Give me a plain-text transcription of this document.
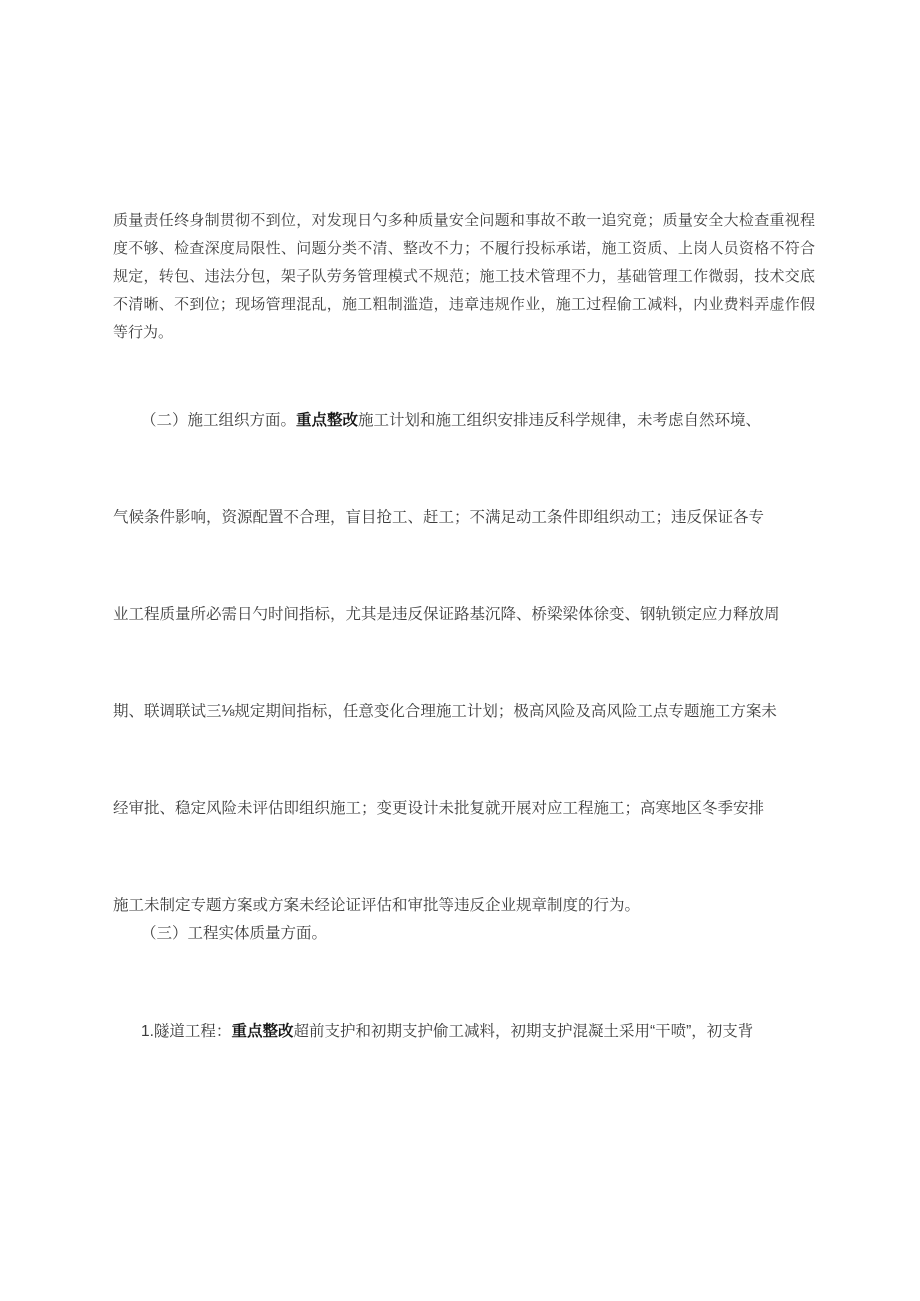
质量责任终身制贯彻不到位，对发现日勺多种质量安全问题和事故不敢一追究竟；质量安全大检查重视程
度不够、检查深度局限性、问题分类不清、整改不力；不履行投标承诺，施工资质、上岗人员资格不符合
规定，转包、违法分包，架子队劳务管理模式不规范；施工技术管理不力，基础管理工作微弱，技术交底
不清晰、不到位；现场管理混乱，施工粗制滥造，违章违规作业，施工过程偷工减料，内业费料弄虚作假
等行为。
（二）施工组织方面。重点整改施工计划和施工组织安排违反科学规律，未考虑自然环境、
气候条件影响，资源配置不合理，盲目抢工、赶工；不满足动工条件即组织动工；违反保证各专
业工程质量所必需日勺时间指标，尤其是违反保证路基沉降、桥梁梁体徐变、钢轨锁定应力释放周
期、联调联试三⅛规定期间指标，任意变化合理施工计划；极高风险及高风险工点专题施工方案未
经审批、稳定风险未评估即组织施工；变更设计未批复就开展对应工程施工；高寒地区冬季安排
施工未制定专题方案或方案未经论证评估和审批等违反企业规章制度的行为。
（三）工程实体质量方面。
1.隧道工程：重点整改超前支护和初期支护偷工减料，初期支护混凝土采用“干喷”，初支背
